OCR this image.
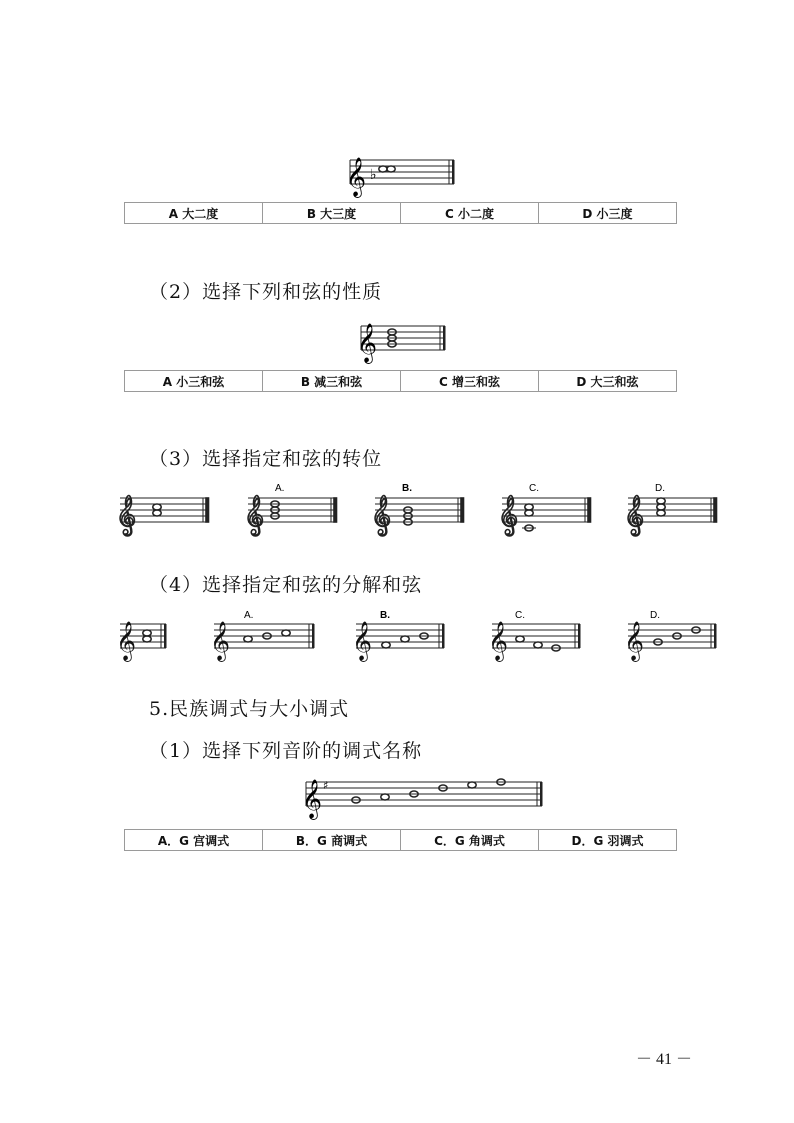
𝄞 ♭
A 大二度	B 大三度	C 小二度	D 小三度
（2）选择下列和弦的性质
𝄞
A 小三和弦	B 减三和弦	C 增三和弦	D 大三和弦
（3）选择指定和弦的转位
𝄞	A.	B.	C.	D.
（4）选择指定和弦的分解和弦
𝄞
𝄞 𝄞	𝄞	𝄞	𝄞
A.	B.	C.	D.
5.民族调式与大小调式
（1）选择下列音阶的调式名称
𝄞 ♯
A．G 宫调式	B．G 商调式	C．G 角调式	D．G 羽调式
－ 41 －
